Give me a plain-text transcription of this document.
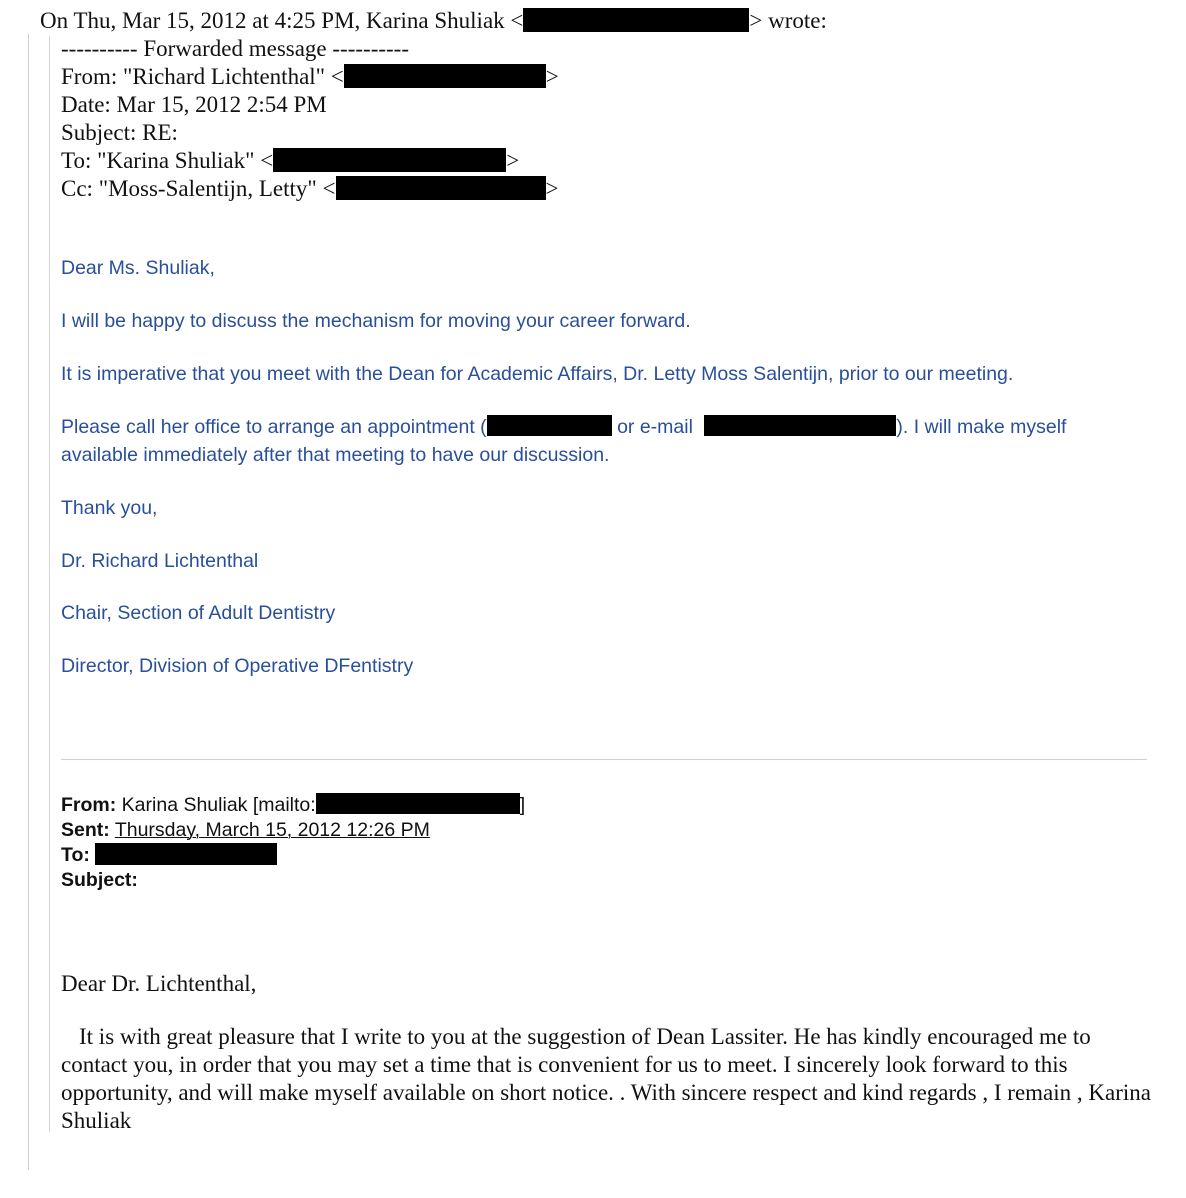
On Thu, Mar 15, 2012 at 4:25 PM, Karina Shuliak <	> wrote:
---------- Forwarded message ----------
From: "Richard Lichtenthal" <	>
Date: Mar 15, 2012 2:54 PM
Subject: RE:
To: "Karina Shuliak" <	>
Cc: "Moss-Salentijn, Letty" <	>
Dear Ms. Shuliak,
I will be happy to discuss the mechanism for moving your career forward.
It is imperative that you meet with the Dean for Academic Affairs, Dr. Letty Moss Salentijn, prior to our meeting.
Please call her office to arrange an appointment (	or e-mail	). I will make myself
available immediately after that meeting to have our discussion.
Thank you,
Dr. Richard Lichtenthal
Chair, Section of Adult Dentistry
Director, Division of Operative DFentistry
From: Karina Shuliak [mailto:	]
Sent: Thursday, March 15, 2012 12:26 PM
To:
Subject:
Dear Dr. Lichtenthal,
It is with great pleasure that I write to you at the suggestion of Dean Lassiter. He has kindly encouraged me to contact you, in order that you may set a time that is convenient for us to meet. I sincerely look forward to this opportunity, and will make myself available on short notice. . With sincere respect and kind regards , I remain , Karina Shuliak
